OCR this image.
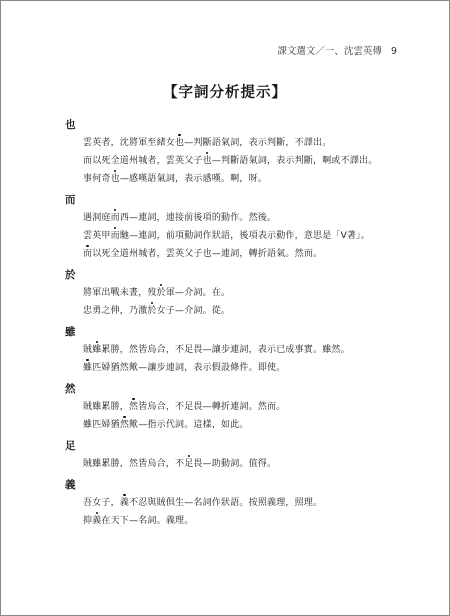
課文選文／一、沈雲英傳 9
【字詞分析提示】
也
雲英者，沈將軍至緒女也—判斷語氣詞，表示判斷，不譯出。
而以死全道州城者，雲英父子也—判斷語氣詞，表示判斷，啊或不譯出。
事何奇也—感嘆語氣詞，表示感嘆。啊，呀。
而
遇洞庭而西—連詞，連接前後項的動作。然後。
雲英甲而馳—連詞，前項動詞作狀語，後項表示動作，意思是「V著」。
而以死全道州城者，雲英父子也—連詞，轉折語氣。然而。
於
將軍出戰未晝，歿於軍—介詞。在。
忠勇之伸，乃激於女子—介詞。從。
雖
賊雖累勝，然皆烏合，不足畏—讓步連詞，表示已成事實。雖然。
雖匹婦猶然歟—讓步連詞，表示假設條件。即使。
然
賊雖累勝，然皆烏合，不足畏—轉折連詞。然而。
雖匹婦猶然歟—指示代詞。這樣，如此。
足
賊雖累勝，然皆烏合，不足畏—助動詞。值得。
義
吾女子，義不忍與賊俱生—名詞作狀語。按照義理，照理。
抑義在天下—名詞。義理。
